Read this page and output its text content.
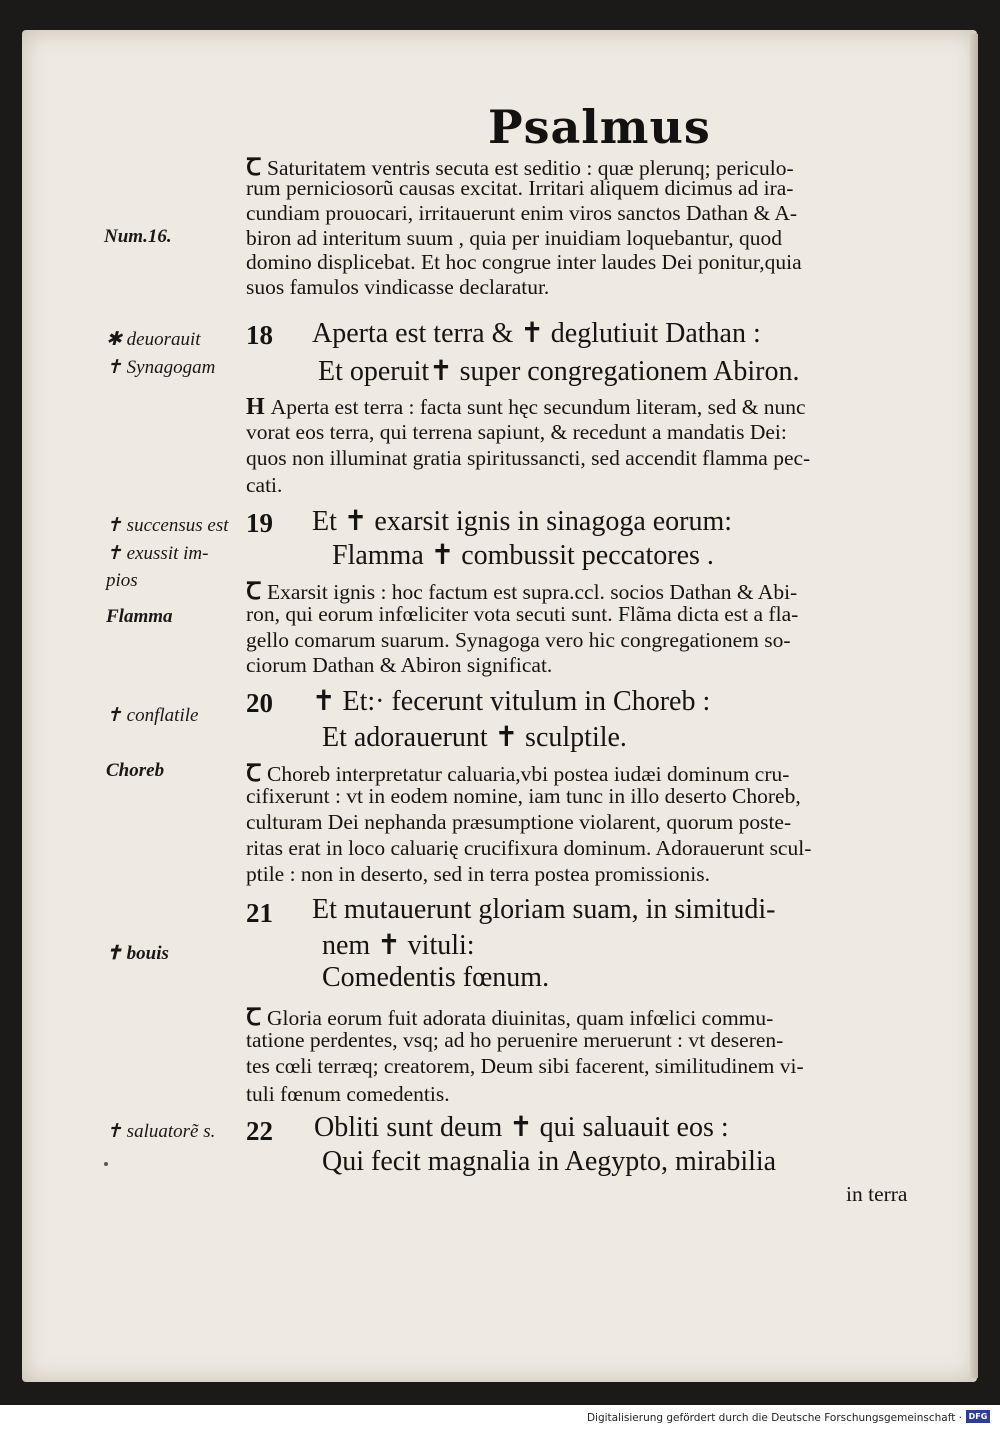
Psalmus
Ꞇ Saturitatem ventris secuta est seditio : quæ plerunq; periculo-
rum perniciosorũ causas excitat. Irritari aliquem dicimus ad ira-
cundiam prouocari, irritauerunt enim viros sanctos Dathan & A-
biron ad interitum suum , quia per inuidiam loquebantur, quod
domino displicebat. Et hoc congrue inter laudes Dei ponitur,quia
suos famulos vindicasse declaratur.
18 Aperta est terra & ✝ deglutiuit Dathan :
Et operuit✝ super congregationem Abiron.
H Aperta est terra : facta sunt hęc secundum literam, sed & nunc
vorat eos terra, qui terrena sapiunt, & recedunt a mandatis Dei:
quos non illuminat gratia spiritussancti, sed accendit flamma pec-
cati.
19 Et ✝ exarsit ignis in sinagoga eorum:
Flamma ✝ combussit peccatores .
Ꞇ Exarsit ignis : hoc factum est supra.ccl. socios Dathan & Abi-
ron, qui eorum infœliciter vota secuti sunt. Flãma dicta est a fla-
gello comarum suarum. Synagoga vero hic congregationem so-
ciorum Dathan & Abiron significat.
20 ✝ Et:· fecerunt vitulum in Choreb :
Et adorauerunt ✝ sculptile.
Ꞇ Choreb interpretatur caluaria,vbi postea iudæi dominum cru-
cifixerunt : vt in eodem nomine, iam tunc in illo deserto Choreb,
culturam Dei nephanda præsumptione violarent, quorum poste-
ritas erat in loco caluarię crucifixura dominum. Adorauerunt scul-
ptile : non in deserto, sed in terra postea promissionis.
21 Et mutauerunt gloriam suam, in simitudi-
nem ✝ vituli:
Comedentis fœnum.
Ꞇ Gloria eorum fuit adorata diuinitas, quam infœlici commu-
tatione perdentes, vsq; ad ho peruenire meruerunt : vt deseren-
tes cœli terræq; creatorem, Deum sibi facerent, similitudinem vi-
tuli fœnum comedentis.
22 Obliti sunt deum ✝ qui saluauit eos :
Qui fecit magnalia in Aegypto, mirabilia
in terra
Num.16.
✱ deuorauit
✝ Synagogam
✝ succensus est
✝ exussit im-
pios
Flamma
✝ conflatile
Choreb
✝ bouis
✝ saluatorẽ s.
Digitalisierung gefördert durch die Deutsche Forschungsgemeinschaft · DFG
